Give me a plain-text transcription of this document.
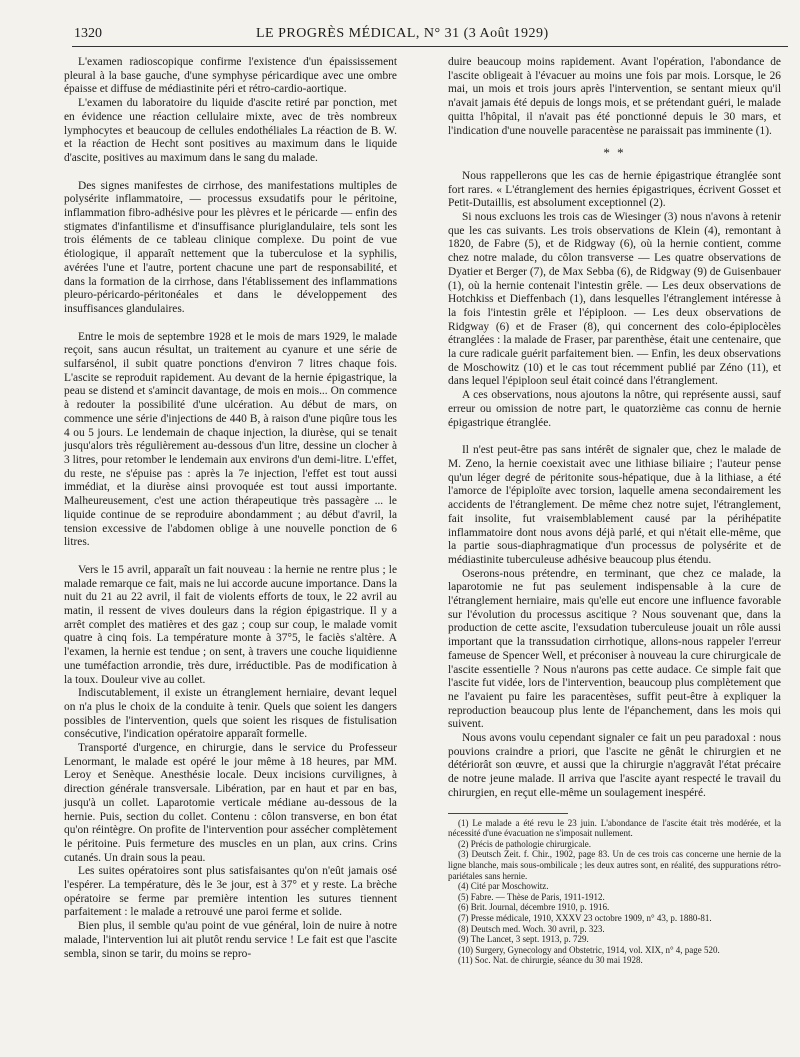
1320	LE PROGRÈS MÉDICAL, N° 31 (3 Août 1929)

L'examen radioscopique confirme l'existence d'un épaississement pleural à la base gauche, d'une symphyse péricardique avec une ombre épaisse et diffuse de médiastinite péri et rétro-cardio-aortique.

L'examen du laboratoire du liquide d'ascite retiré par ponction, met en évidence une réaction cellulaire mixte, avec de très nombreux lymphocytes et beaucoup de cellules endothéliales La réaction de B. W. et la réaction de Hecht sont positives au maximum dans le liquide d'ascite, positives au maximum dans le sang du malade.

Des signes manifestes de cirrhose, des manifestations multiples de polysérite inflammatoire, — processus exsudatifs pour le péritoine, inflammation fibro-adhésive pour les plèvres et le péricarde — enfin des stigmates d'infantilisme et d'insuffisance pluriglandulaire, tels sont les trois éléments de ce tableau clinique complexe. Du point de vue étiologique, il apparaît nettement que la tuberculose et la syphilis, avérées l'une et l'autre, portent chacune une part de responsabilité, et dans la formation de la cirrhose, dans l'établissement des inflammations pleuro-péricardo-péritonéales et dans le développement des insuffisances glandulaires.

Entre le mois de septembre 1928 et le mois de mars 1929, le malade reçoit, sans aucun résultat, un traitement au cyanure et une série de sulfarsénol, il subit quatre ponctions d'environ 7 litres chaque fois. L'ascite se reproduit rapidement. Au devant de la hernie épigastrique, la peau se distend et s'amincit davantage, de mois en mois... On commence à redouter la possibilité d'une ulcération. Au début de mars, on commence une série d'injections de 440 B, à raison d'une piqûre tous les 4 ou 5 jours. Le lendemain de chaque injection, la diurèse, qui se tenait jusqu'alors très régulièrement au-dessous d'un litre, dessine un clocher à 3 litres, pour retomber le lendemain aux environs d'un demi-litre. L'effet, du reste, ne s'épuise pas : après la 7e injection, l'effet est tout aussi immédiat, et la diurèse ainsi provoquée est tout aussi importante. Malheureusement, c'est une action thérapeutique très passagère ... le liquide continue de se reproduire abondamment ; au début d'avril, la tension excessive de l'abdomen oblige à une nouvelle ponction de 6 litres.

Vers le 15 avril, apparaît un fait nouveau : la hernie ne rentre plus ; le malade remarque ce fait, mais ne lui accorde aucune importance. Dans la nuit du 21 au 22 avril, il fait de violents efforts de toux, le 22 avril au matin, il ressent de vives douleurs dans la région épigastrique. Il y a arrêt complet des matières et des gaz ; coup sur coup, le malade vomit quatre à cinq fois. La température monte à 37°5, le faciès s'altère. A l'examen, la hernie est tendue ; on sent, à travers une couche liquidienne une tuméfaction arrondie, très dure, irréductible. Pas de modification à la toux. Douleur vive au collet.

Indiscutablement, il existe un étranglement herniaire, devant lequel on n'a plus le choix de la conduite à tenir. Quels que soient les dangers possibles de l'intervention, quels que soient les risques de fistulisation consécutive, l'indication opératoire apparaît formelle.

Transporté d'urgence, en chirurgie, dans le service du Professeur Lenormant, le malade est opéré le jour même à 18 heures, par MM. Leroy et Senèque. Anesthésie locale. Deux incisions curvilignes, à direction générale transversale. Libération, par en haut et par en bas, jusqu'à un collet. Laparotomie verticale médiane au-dessous de la hernie. Puis, section du collet. Contenu : côlon transverse, en bon état qu'on réintègre. On profite de l'intervention pour assécher complètement le péritoine. Puis fermeture des muscles en un plan, aux crins. Crins cutanés. Un drain sous la peau.

Les suites opératoires sont plus satisfaisantes qu'on n'eût jamais osé l'espérer. La température, dès le 3e jour, est à 37° et y reste. La brèche opératoire se ferme par première intention les sutures tiennent parfaitement : le malade a retrouvé une paroi ferme et solide.

Bien plus, il semble qu'au point de vue général, loin de nuire à notre malade, l'intervention lui ait plutôt rendu service ! Le fait est que l'ascite sembla, sinon se tarir, du moins se repro-

duire beaucoup moins rapidement. Avant l'opération, l'abondance de l'ascite obligeait à l'évacuer au moins une fois par mois. Lorsque, le 26 mai, un mois et trois jours après l'intervention, se sentant mieux qu'il n'avait jamais été depuis de longs mois, et se prétendant guéri, le malade quitta l'hôpital, il n'avait pas été ponctionné depuis le 30 mars, et l'indication d'une nouvelle paracentèse ne paraissait pas imminente (1).

* *

Nous rappellerons que les cas de hernie épigastrique étranglée sont fort rares. « L'étranglement des hernies épigastriques, écrivent Gosset et Petit-Dutaillis, est absolument exceptionnel (2).

Si nous excluons les trois cas de Wiesinger (3) nous n'avons à retenir que les cas suivants. Les trois observations de Klein (4), remontant à 1820, de Fabre (5), et de Ridgway (6), où la hernie contient, comme chez notre malade, du côlon transverse — Les quatre observations de Dyatier et Berger (7), de Max Sebba (6), de Ridgway (9) de Guisenbauer (1), où la hernie contenait l'intestin grêle. — Les deux observations de Hotchkiss et Dieffenbach (1), dans lesquelles l'étranglement intéresse à la fois l'intestin grêle et l'épiploon. — Les deux observations de Ridgway (6) et de Fraser (8), qui concernent des colo-épiplocèles étranglées : la malade de Fraser, par parenthèse, était une centenaire, que la cure radicale guérit parfaitement bien. — Enfin, les deux observations de Moschowitz (10) et le cas tout récemment publié par Zéno (11), et dans lequel l'épiploon seul était coincé dans l'étranglement.

A ces observations, nous ajoutons la nôtre, qui représente aussi, sauf erreur ou omission de notre part, le quatorzième cas connu de hernie épigastrique étranglée.

Il n'est peut-être pas sans intérêt de signaler que, chez le malade de M. Zeno, la hernie coexistait avec une lithiase biliaire ; l'auteur pense qu'un léger degré de péritonite sous-hépatique, due à la lithiase, a été l'amorce de l'épiploïte avec torsion, laquelle amena secondairement les accidents de l'étranglement. De même chez notre sujet, l'étranglement, fait insolite, fut vraisemblablement causé par la périhépatite inflammatoire dont nous avons déjà parlé, et qui n'était elle-même, que la partie sous-diaphragmatique d'un processus de polysérite et de médiastinite tuberculeuse adhésive beaucoup plus étendu.

Oserons-nous prétendre, en terminant, que chez ce malade, la laparotomie ne fut pas seulement indispensable à la cure de l'étranglement herniaire, mais qu'elle eut encore une influence favorable sur l'évolution du processus ascitique ? Nous souvenant que, dans la production de cette ascite, l'exsudation tuberculeuse jouait un rôle aussi important que la transsudation cirrhotique, allons-nous rappeler l'erreur fameuse de Spencer Well, et préconiser à nouveau la cure chirurgicale de l'ascite essentielle ? Nous n'aurons pas cette audace. Ce simple fait que l'ascite fut vidée, lors de l'intervention, beaucoup plus complètement que ne l'avaient pu faire les paracentèses, suffit peut-être à expliquer la reproduction beaucoup plus lente de l'épanchement, dans les mois qui suivent.

Nous avons voulu cependant signaler ce fait un peu paradoxal : nous pouvions craindre a priori, que l'ascite ne gênât le chirurgien et ne détériorât son œuvre, et aussi que la chirurgie n'aggravât l'état précaire de notre jeune malade. Il arriva que l'ascite ayant respecté le travail du chirurgien, en reçut elle-même un soulagement inespéré.

(1) Le malade a été revu le 23 juin. L'abondance de l'ascite était très modérée, et la nécessité d'une évacuation ne s'imposait nullement.

(2) Précis de pathologie chirurgicale.

(3) Deutsch Zeit. f. Chir., 1902, page 83. Un de ces trois cas concerne une hernie de la ligne blanche, mais sous-ombilicale ; les deux autres sont, en réalité, des suppurations rétro-pariétales sans hernie.

(4) Cité par Moschowitz.

(5) Fabre. — Thèse de Paris, 1911-1912.

(6) Brit. Journal, décembre 1910, p. 1916.

(7) Presse médicale, 1910, XXXV 23 octobre 1909, n° 43, p. 1880-81.

(8) Deutsch med. Woch. 30 avril, p. 323.

(9) The Lancet, 3 sept. 1913, p. 729.

(10) Surgery, Gynecology and Obstetric, 1914, vol. XIX, n° 4, page 520.

(11) Soc. Nat. de chirurgie, séance du 30 mai 1928.
